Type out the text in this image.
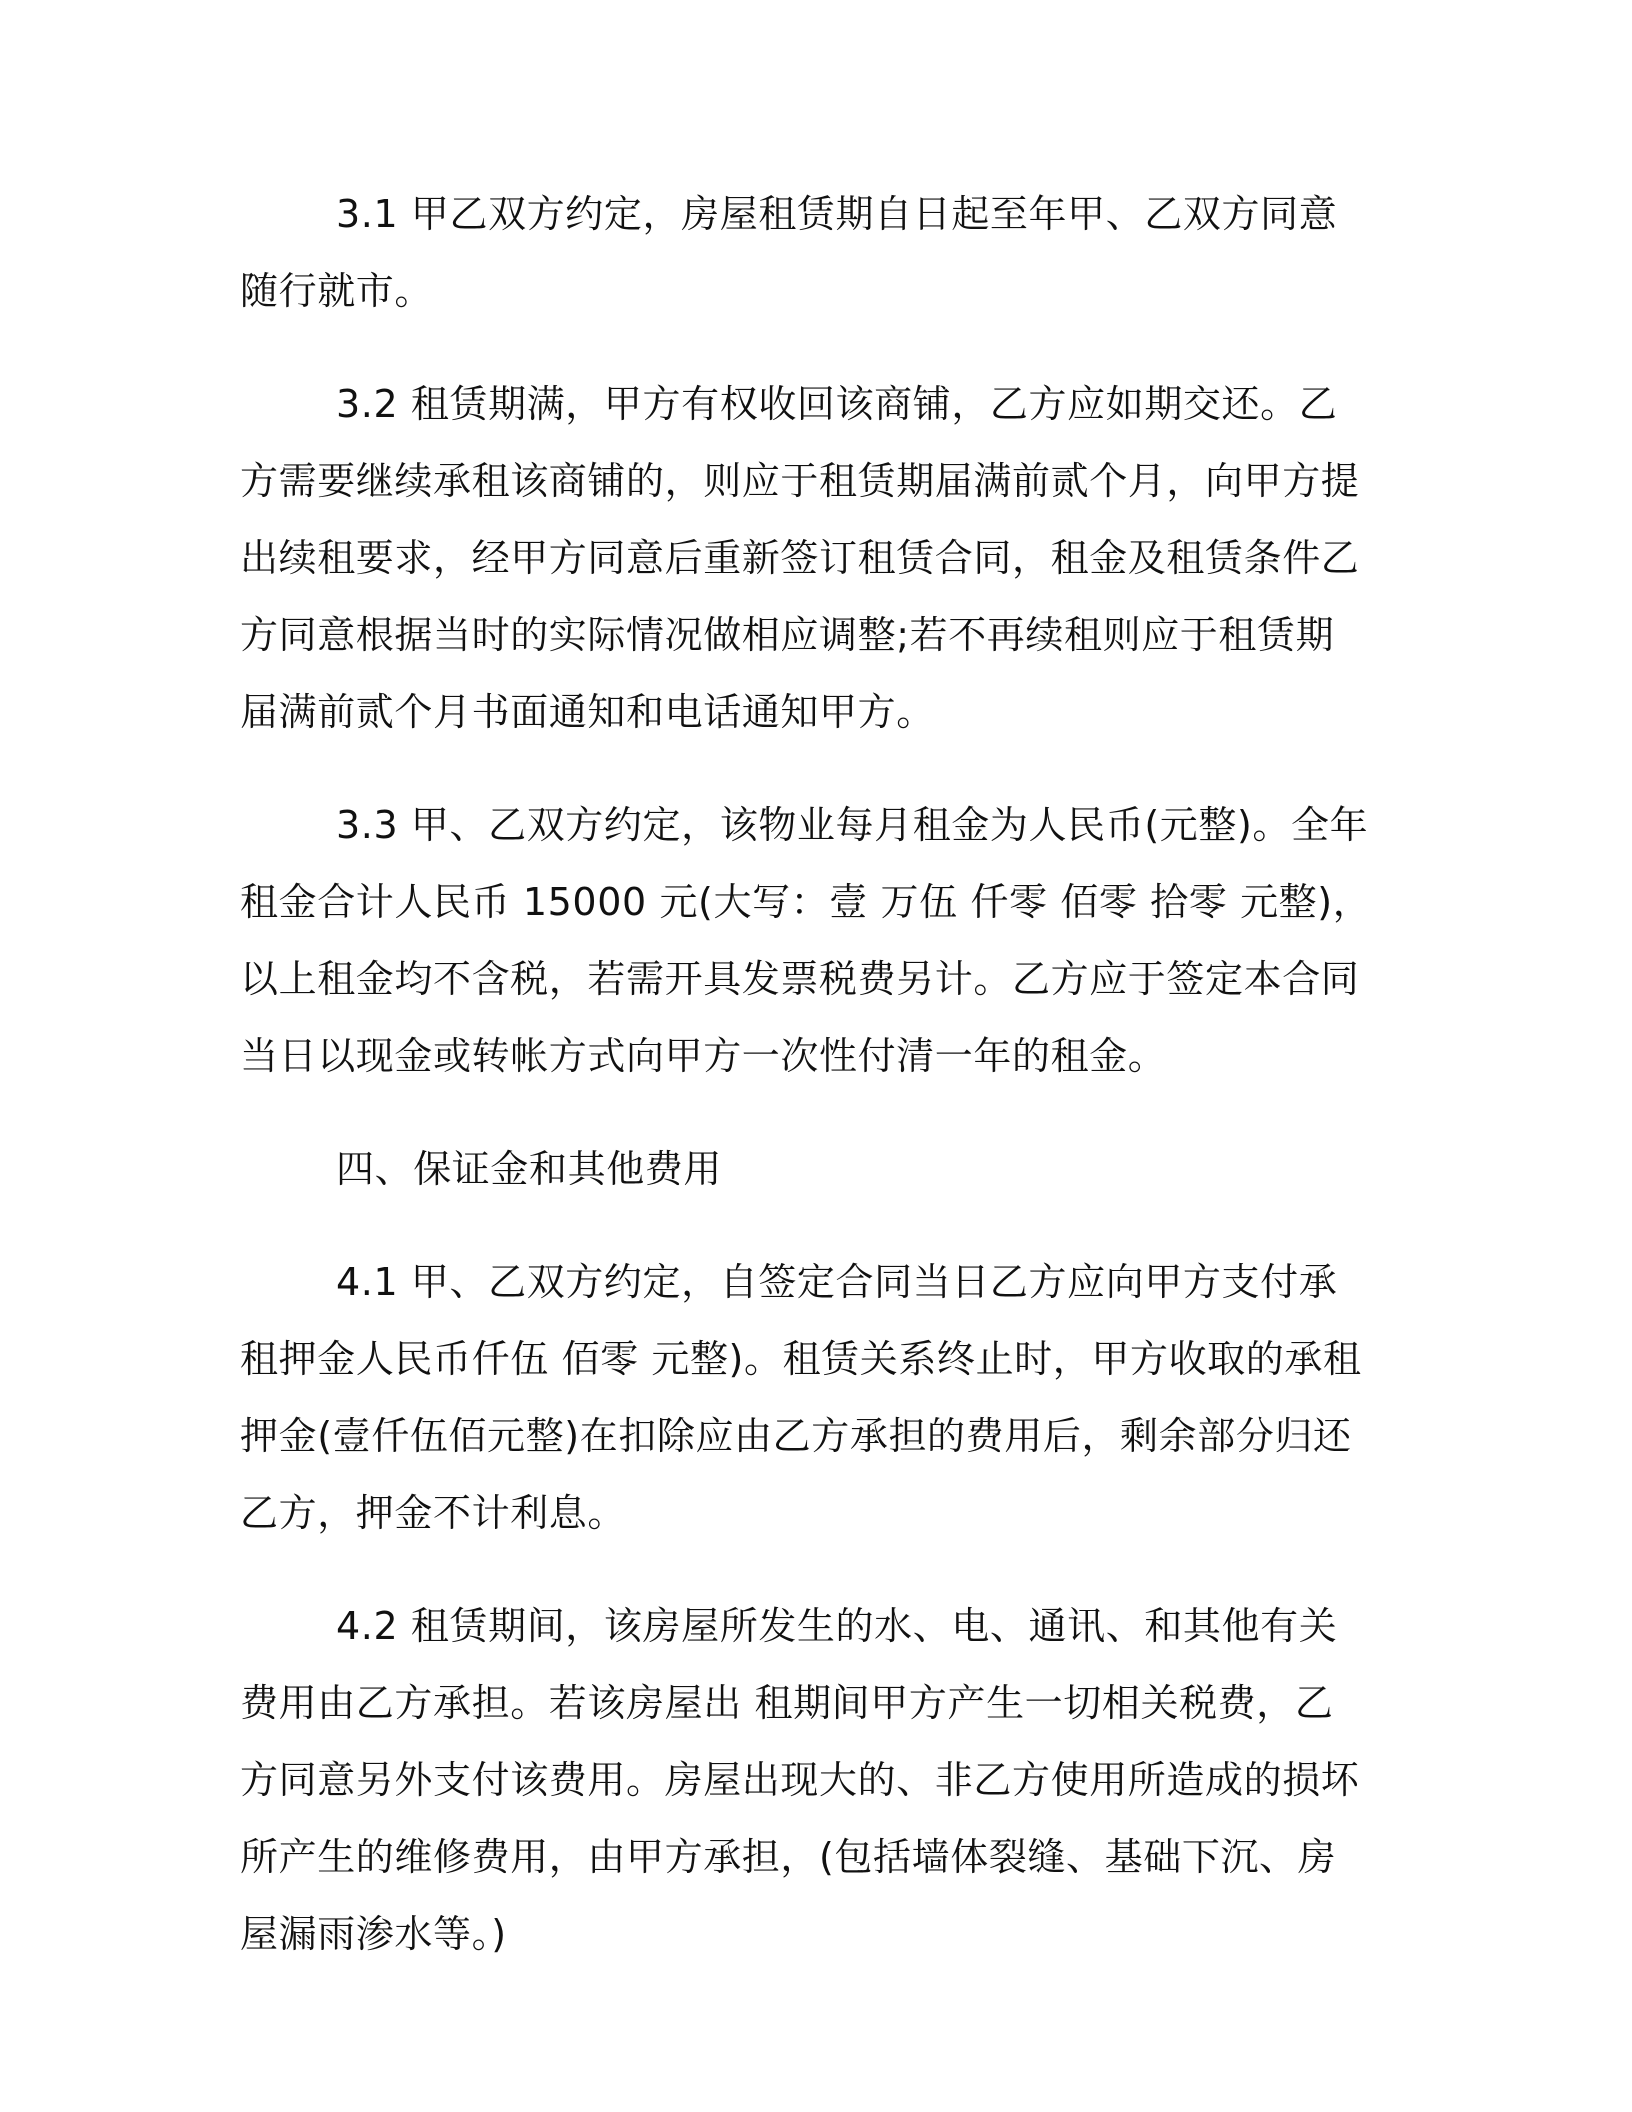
3.1 甲乙双方约定，房屋租赁期自日起至年甲、乙双方同意随行就市。

3.2 租赁期满，甲方有权收回该商铺，乙方应如期交还。乙方需要继续承租该商铺的，则应于租赁期届满前贰个月，向甲方提出续租要求，经甲方同意后重新签订租赁合同，租金及租赁条件乙方同意根据当时的实际情况做相应调整;若不再续租则应于租赁期届满前贰个月书面通知和电话通知甲方。

3.3 甲、乙双方约定，该物业每月租金为人民币(元整)。全年租金合计人民币 15000 元(大写：壹 万伍 仟零 佰零 拾零 元整)，以上租金均不含税，若需开具发票税费另计。乙方应于签定本合同当日以现金或转帐方式向甲方一次性付清一年的租金。

四、保证金和其他费用

4.1 甲、乙双方约定，自签定合同当日乙方应向甲方支付承租押金人民币仟伍 佰零 元整)。租赁关系终止时，甲方收取的承租押金(壹仟伍佰元整)在扣除应由乙方承担的费用后，剩余部分归还乙方，押金不计利息。

4.2 租赁期间，该房屋所发生的水、电、通讯、和其他有关费用由乙方承担。若该房屋出 租期间甲方产生一切相关税费，乙方同意另外支付该费用。房屋出现大的、非乙方使用所造成的损坏所产生的维修费用，由甲方承担，(包括墙体裂缝、基础下沉、房屋漏雨渗水等。)
